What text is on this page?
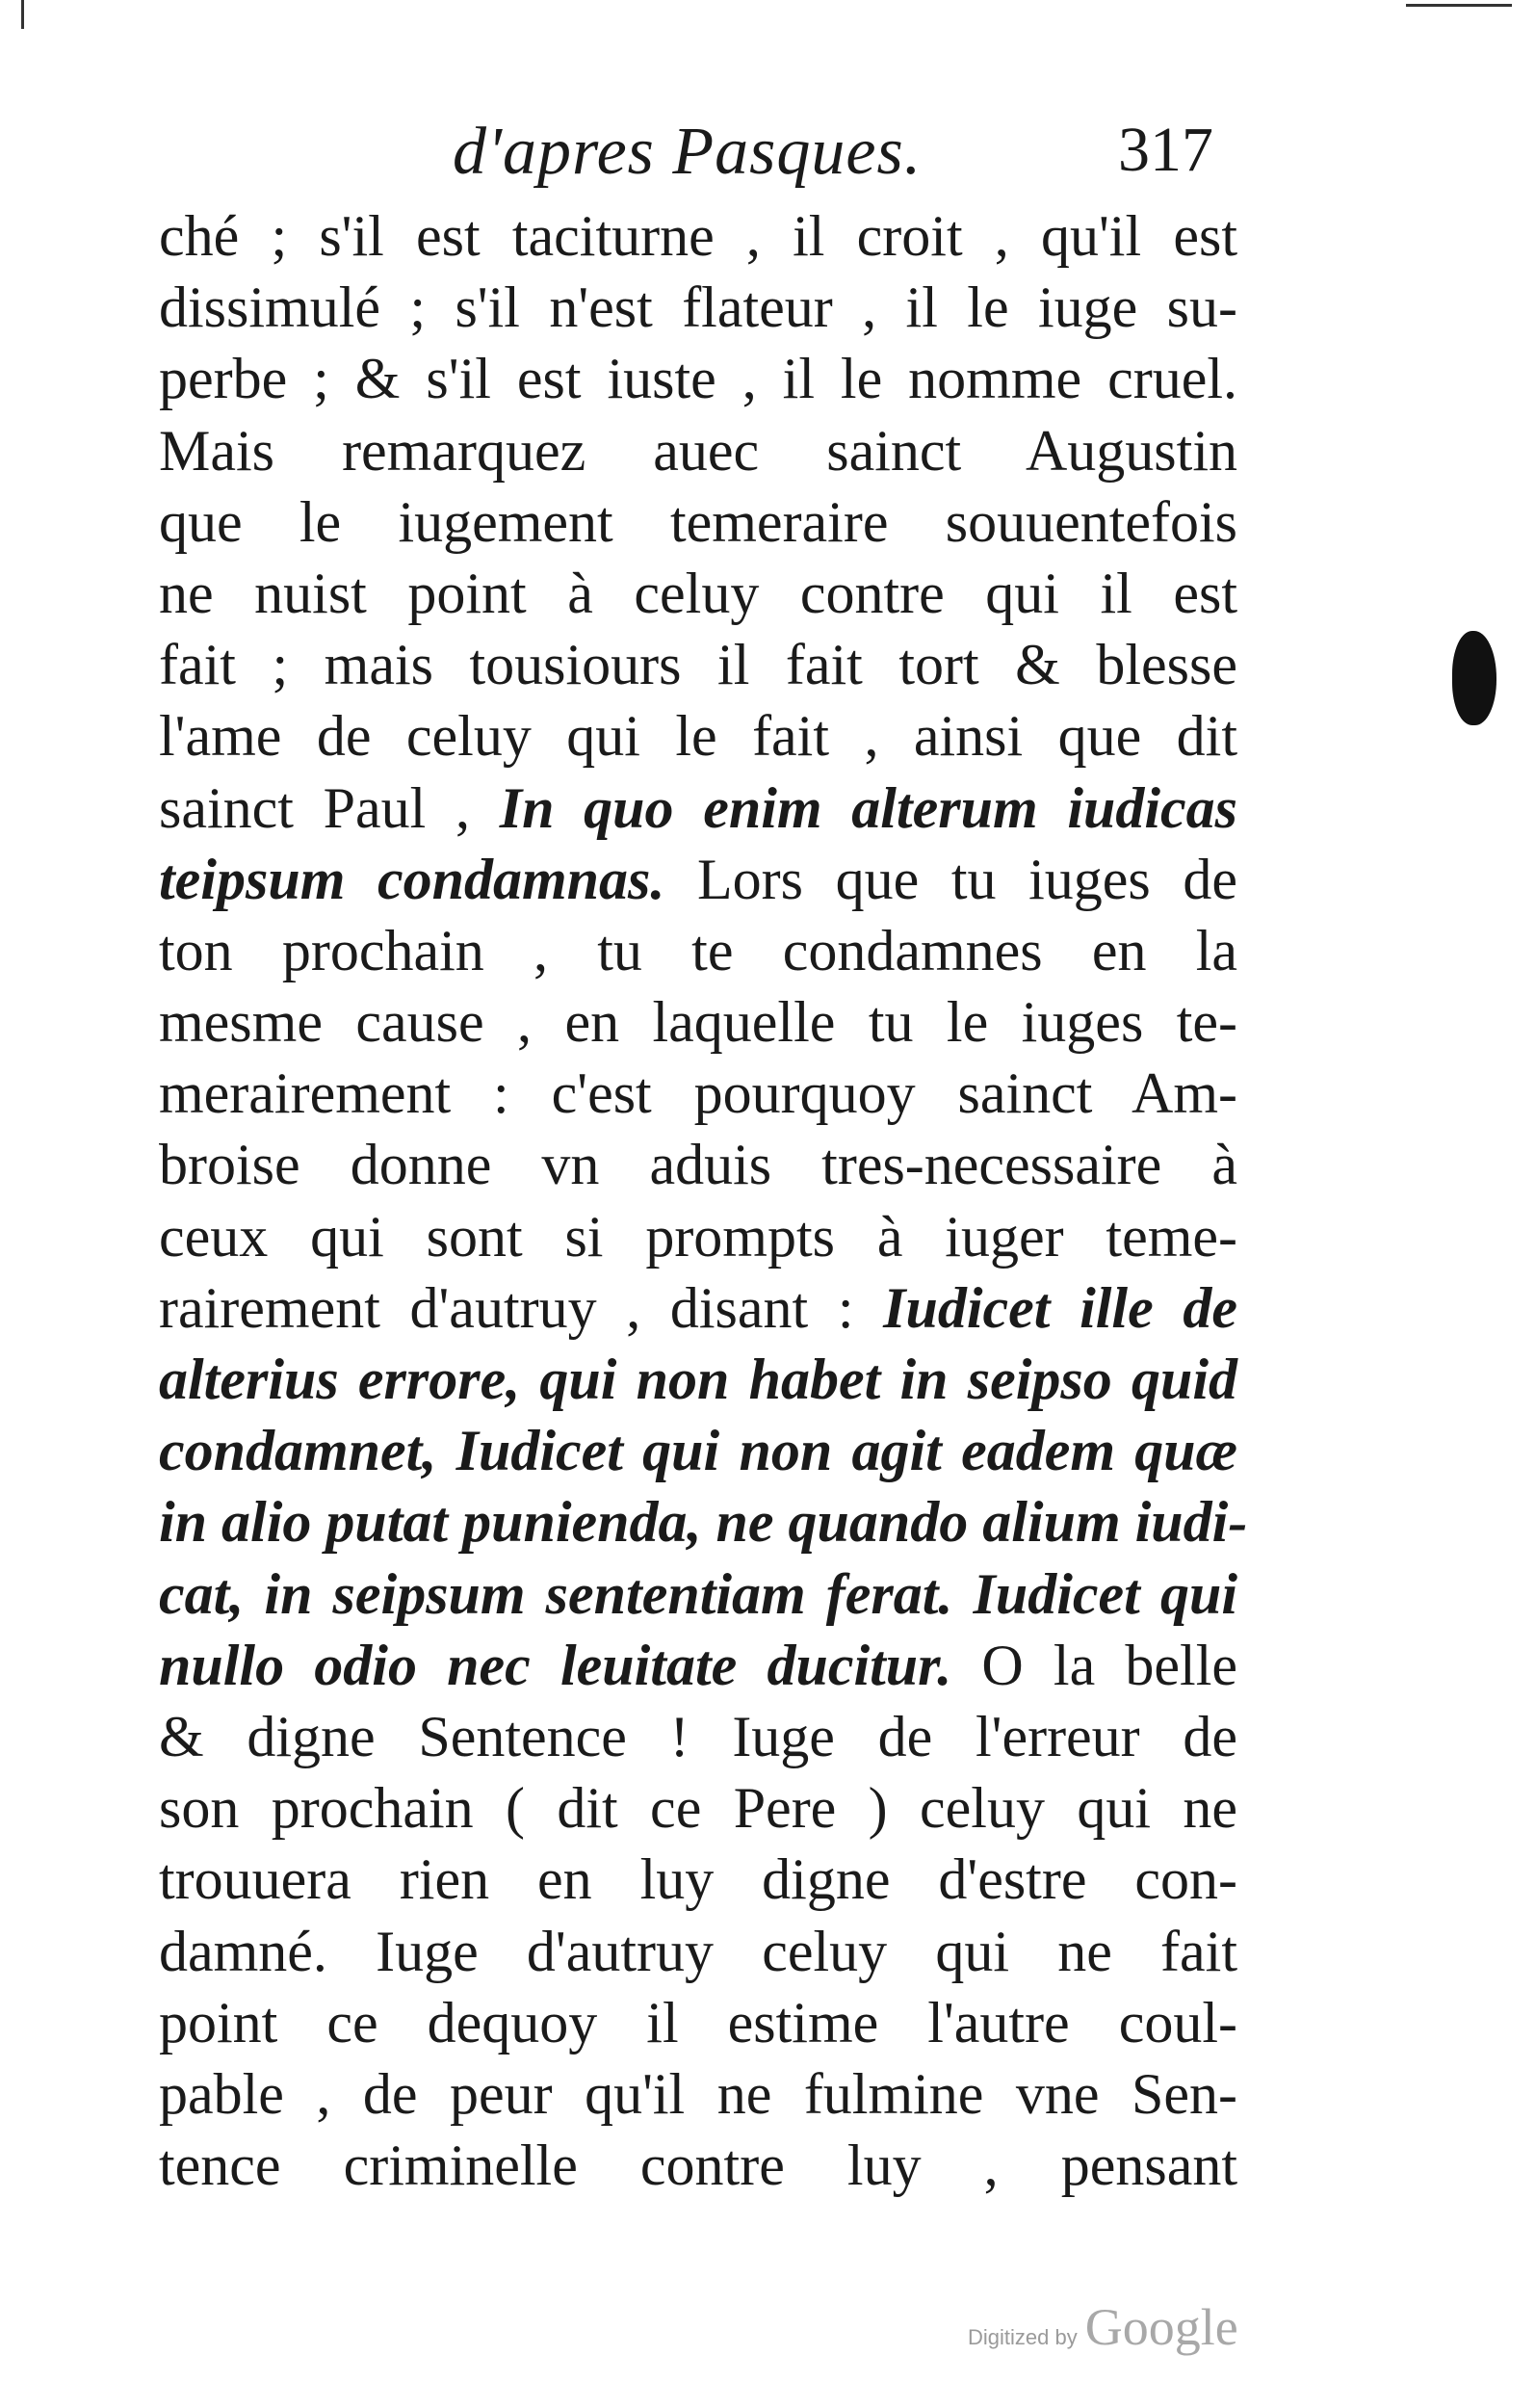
d'apres Pasques.	317
ché ; s'il est taciturne , il croit , qu'il est
dissimulé ; s'il n'est flateur , il le iuge su-
perbe ; & s'il est iuste , il le nomme cruel.
Mais remarquez auec sainct Augustin
que le iugement temeraire souuentefois
ne nuist point à celuy contre qui il est
fait ; mais tousiours il fait tort & blesse
l'ame de celuy qui le fait , ainsi que dit
sainct Paul , In quo enim alterum iudicas
teipsum condamnas. Lors que tu iuges de
ton prochain , tu te condamnes en la
mesme cause , en laquelle tu le iuges te-
merairement : c'est pourquoy sainct Am-
broise donne vn aduis tres-necessaire à
ceux qui sont si prompts à iuger teme-
rairement d'autruy , disant : Iudicet ille de
alterius errore, qui non habet in seipso quid
condamnet, Iudicet qui non agit eadem quæ
in alio putat punienda, ne quando alium iudi-
cat, in seipsum sententiam ferat. Iudicet qui
nullo odio nec leuitate ducitur. O la belle
& digne Sentence ! Iuge de l'erreur de
son prochain ( dit ce Pere ) celuy qui ne
trouuera rien en luy digne d'estre con-
damné. Iuge d'autruy celuy qui ne fait
point ce dequoy il estime l'autre coul-
pable , de peur qu'il ne fulmine vne Sen-
tence criminelle contre luy , pensant
Digitized by Google
